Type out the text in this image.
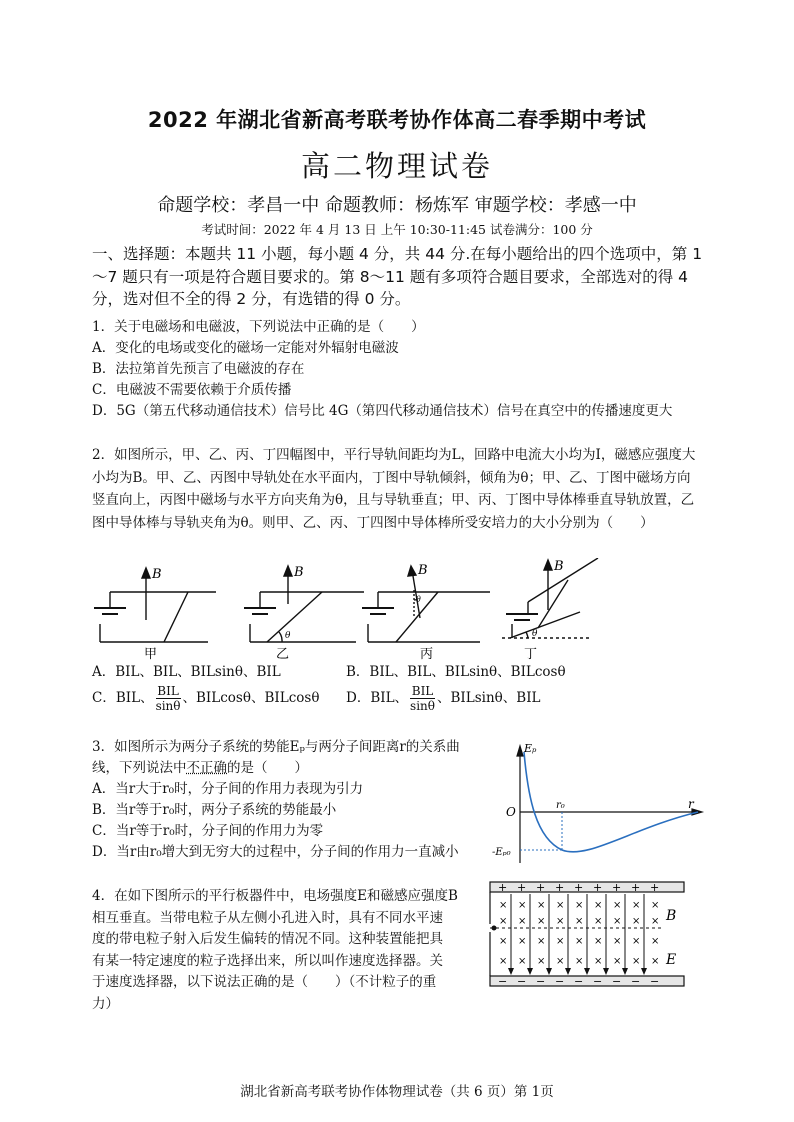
2022 年湖北省新高考联考协作体高二春季期中考试
高二物理试卷
命题学校：孝昌一中 命题教师：杨炼军 审题学校：孝感一中
考试时间：2022 年 4 月 13 日 上午 10:30-11:45 试卷满分：100 分
一、选择题：本题共 11 小题，每小题 4 分，共 44 分.在每小题给出的四个选项中，第 1～7 题只有一项是符合题目要求的。第 8～11 题有多项符合题目要求，全部选对的得 4 分，选对但不全的得 2 分，有选错的得 0 分。
1．关于电磁场和电磁波，下列说法中正确的是（　　）
A．变化的电场或变化的磁场一定能对外辐射电磁波
B．法拉第首先预言了电磁波的存在
C．电磁波不需要依赖于介质传播
D．5G（第五代移动通信技术）信号比 4G（第四代移动通信技术）信号在真空中的传播速度更大
2．如图所示，甲、乙、丙、丁四幅图中，平行导轨间距均为L，回路中电流大小均为I，磁感应强度大小均为B。甲、乙、丙图中导轨处在水平面内，丁图中导轨倾斜，倾角为θ；甲、乙、丁图中磁场方向竖直向上，丙图中磁场与水平方向夹角为θ，且与导轨垂直；甲、丙、丁图中导体棒垂直导轨放置，乙图中导体棒与导轨夹角为θ。则甲、乙、丙、丁四图中导体棒所受安培力的大小分别为（　　）
B
甲
B
θ
乙
B
θ
丙
B
θ
丁
A．BIL、BIL、BILsinθ、BIL	B．BIL、BIL、BILsinθ、BILcosθ
C．BIL、 $\frac{\text{BIL}}{\sin\theta}$ 、BILcosθ、BILcosθ	D．BIL、 $\frac{\text{BIL}}{\sin\theta}$ 、BILsinθ、BIL
3．如图所示为两分子系统的势能Eₚ与两分子间距离r的关系曲
线，下列说法中不正确的是（　　）
A．当r大于r₀时，分子间的作用力表现为引力
B．当r等于r₀时，两分子系统的势能最小
C．当r等于r₀时，分子间的作用力为零
D．当r由r₀增大到无穷大的过程中，分子间的作用力一直减小
Eₚ
r
O	r₀
-Eₚ₀
4．在如下图所示的平行板器件中，电场强度E和磁感应强度B
相互垂直。当带电粒子从左侧小孔进入时，具有不同水平速
度的带电粒子射入后发生偏转的情况不同。这种装置能把具
有某一特定速度的粒子选择出来，所以叫作速度选择器。关
于速度选择器，以下说法正确的是（　　）（不计粒子的重
力）
+
−
×
×
×
×
+
−
×
×
×
×
+
−
×
×
×
×
+
−
×
×
×
×
+
−
×
×
×
×
+
−
×
×
×
×
+
−
×
×
×
×
+
−
×
×
×
×
+
−
×
×
×
×
B
E
湖北省新高考联考协作体物理试卷（共 6 页）第 1页
